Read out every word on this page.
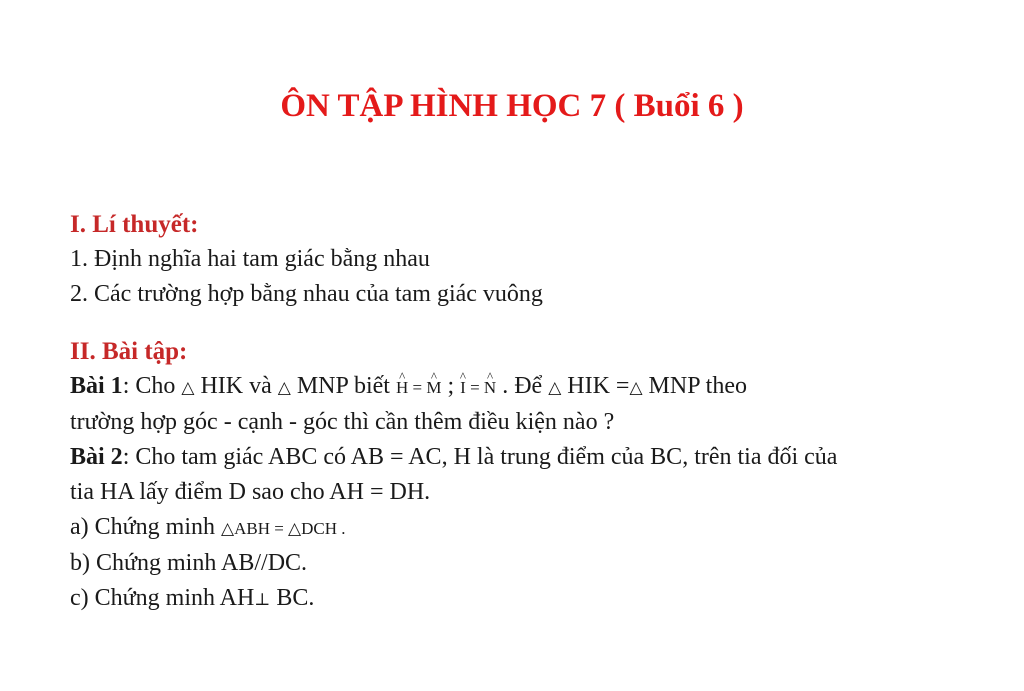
ÔN TẬP HÌNH HỌC 7 ( Buổi 6 )
I. Lí thuyết:
1. Định nghĩa hai tam giác bằng nhau
2. Các trường hợp bằng nhau của tam giác vuông
II. Bài tập:
Bài 1: Cho △ HIK và △ MNP biết H ^ = M ^ ; I ^ = N ^ . Để △ HIK =△ MNP theo
trường hợp góc - cạnh - góc thì cần thêm điều kiện nào ?
Bài 2: Cho tam giác ABC có AB = AC, H là trung điểm của BC, trên tia đối của
tia HA lấy điểm D sao cho AH = DH.
a) Chứng minh △ABH = △DCH .
b) Chứng minh AB//DC.
c) Chứng minh AH⊥ BC.
